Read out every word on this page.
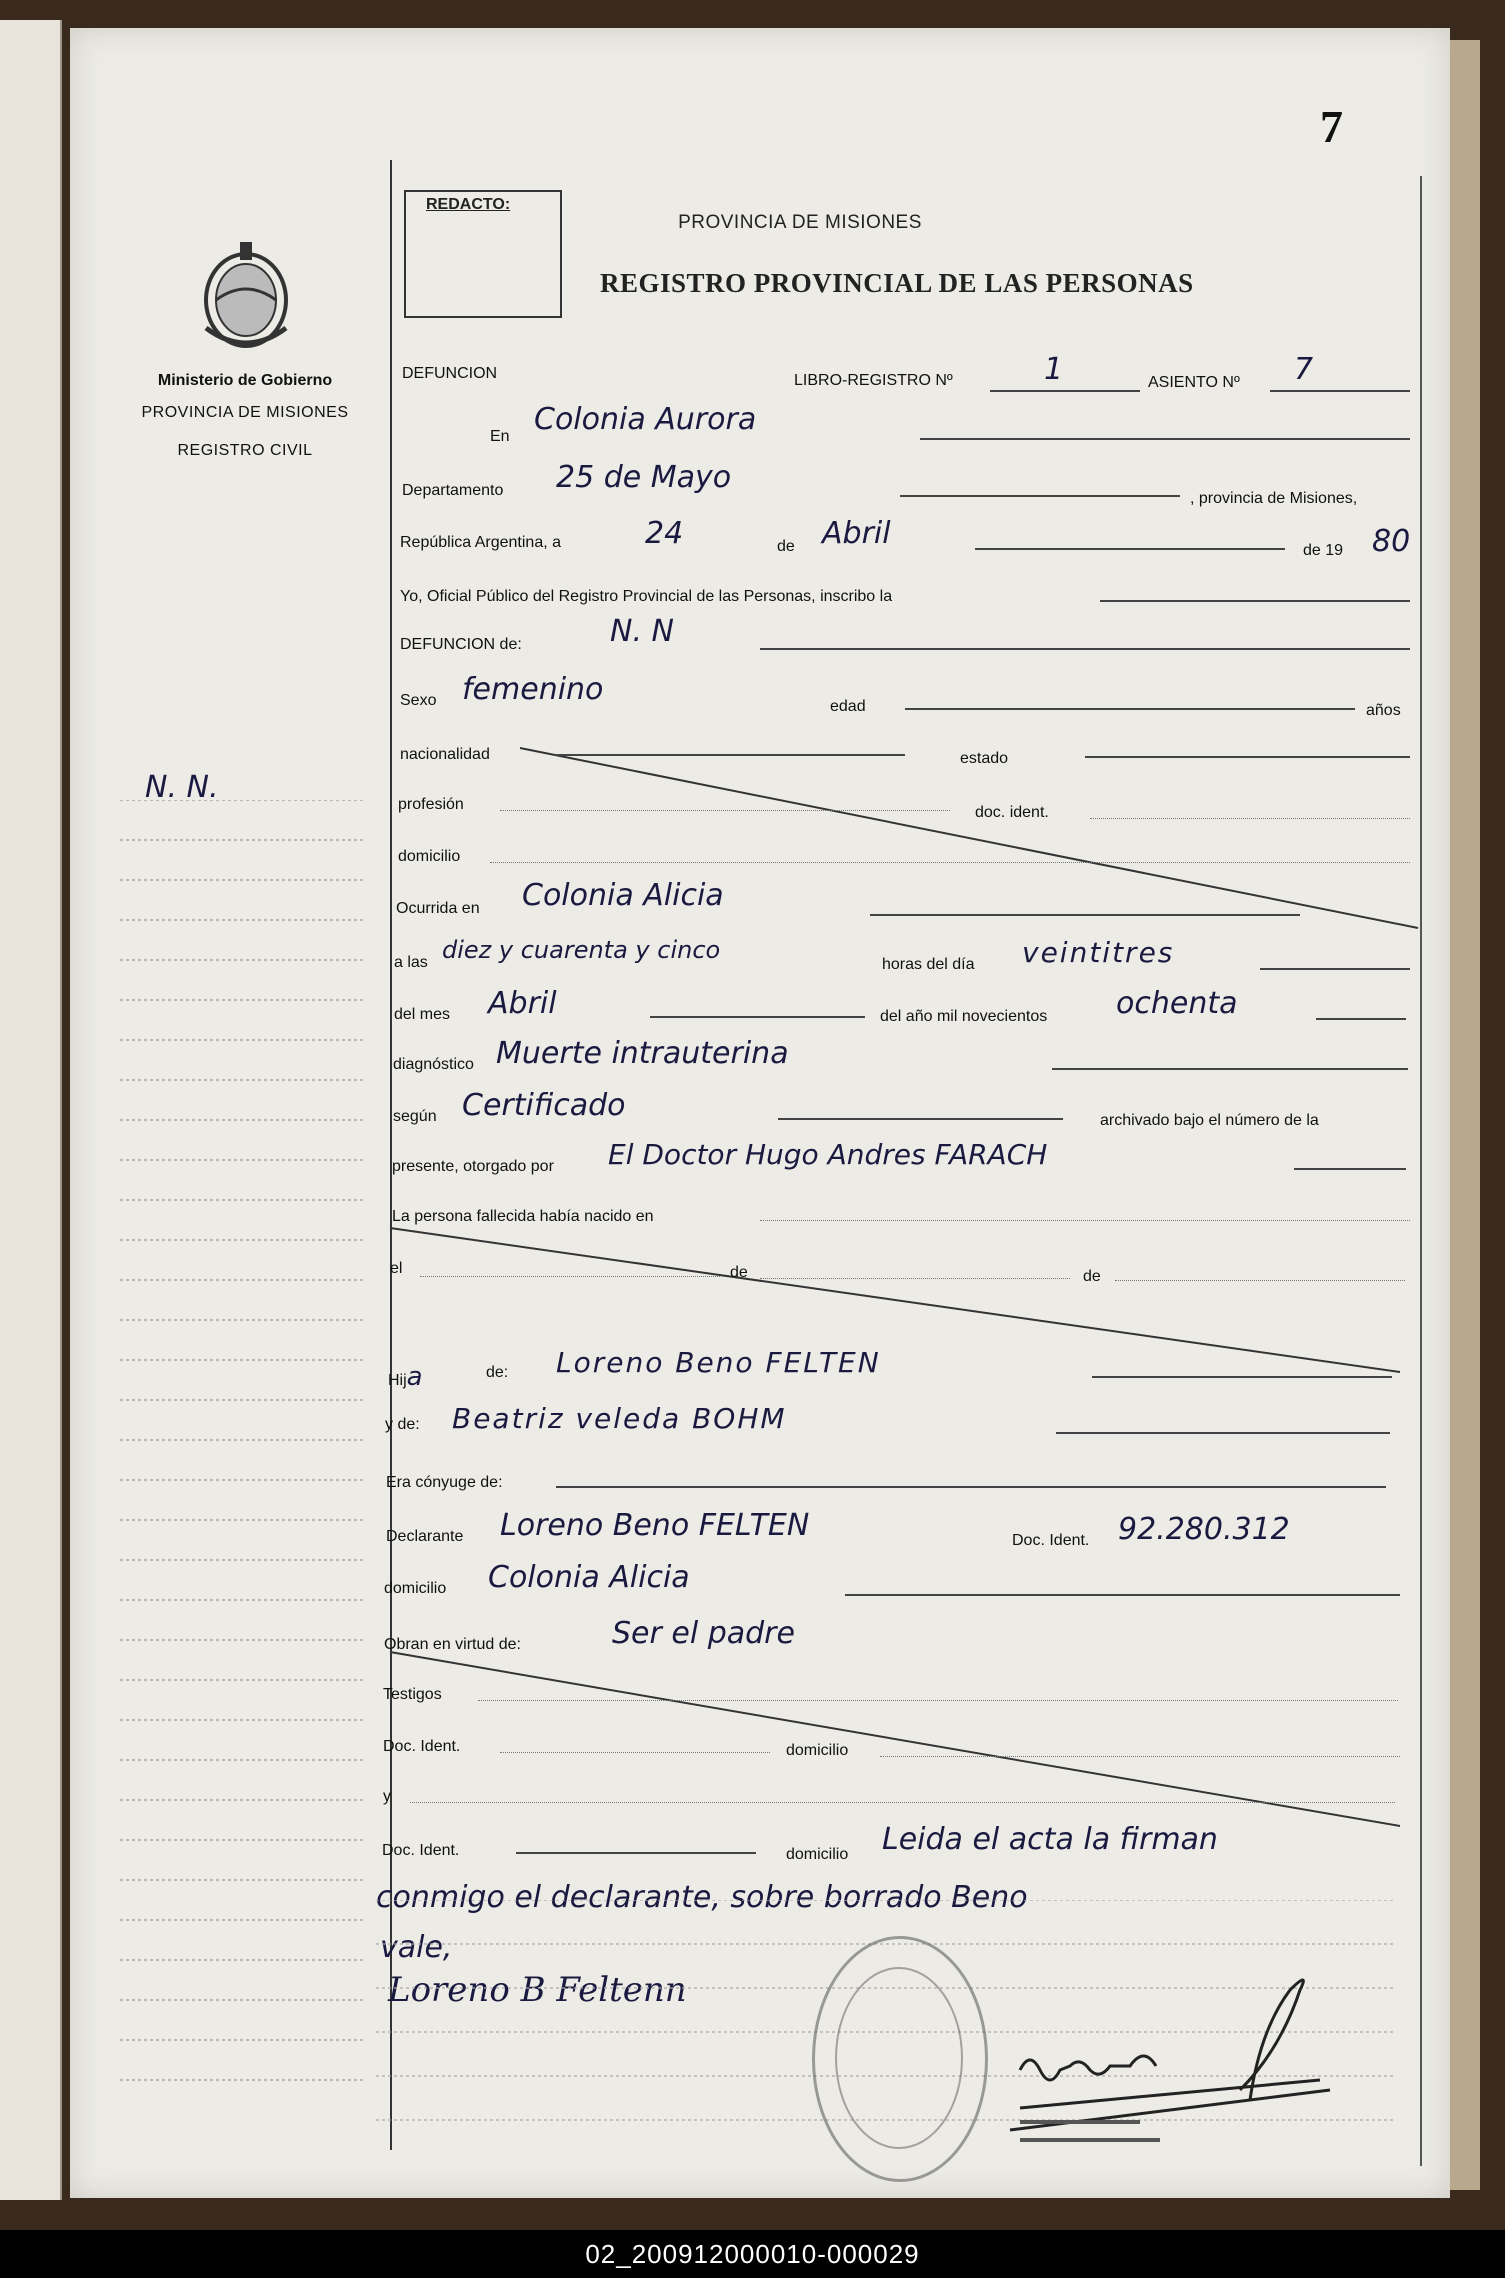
7
REDACTO:
Ministerio de Gobierno
PROVINCIA DE MISIONES
REGISTRO CIVIL
PROVINCIA DE MISIONES
REGISTRO PROVINCIAL DE LAS PERSONAS
N. N.
DEFUNCION	LIBRO-REGISTRO Nº	1	ASIENTO Nº 7
En Colonia Aurora
Departamento 25 de Mayo
, provincia de Misiones,
República Argentina, a	24	de Abril	de 19 80
Yo, Oficial Público del Registro Provincial de las Personas, inscribo la
DEFUNCION de:	N. N
Sexo femenino	edad	años
nacionalidad	estado
profesión	doc. ident.
domicilio
Ocurrida en Colonia Alicia
a las diez y cuarenta y cinco
horas del día veintitres
del mes Abril	del año mil novecientos ochenta
diagnóstico Muerte intrauterina
según Certificado	archivado bajo el número de la
presente, otorgado por El Doctor Hugo Andres FARACH
La persona fallecida había nacido en
el	de	de
Hija	de: Loreno Beno FELTEN
y de: Beatriz veleda BOHM
Era cónyuge de:
Declarante Loreno Beno FELTEN	Doc. Ident. 92.280.312
domicilio Colonia Alicia
Obran en virtud de:	Ser el padre
Testigos
Doc. Ident.	domicilio
y
Doc. Ident.	domicilio Leida el acta la firman
conmigo el declarante, sobre borrado Beno
vale,
Loreno B Feltenn
02_200912000010-000029
